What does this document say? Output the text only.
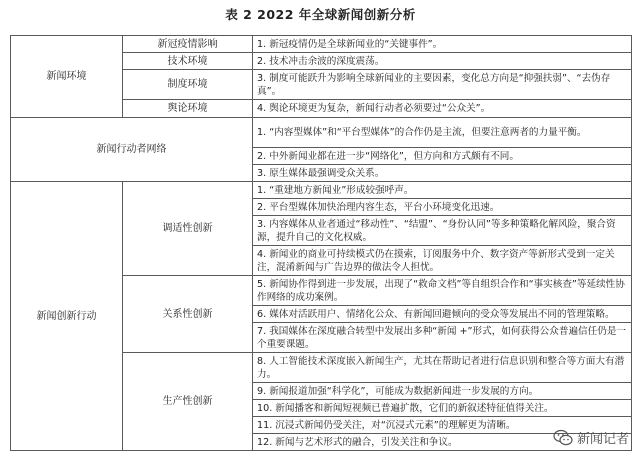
表 2 2022 年全球新闻创新分析
新闻环境	新冠疫情影响	1. 新冠疫情仍是全球新闻业的“关键事件”。
	技术环境	2. 技术冲击余波的深度震荡。
	制度环境	3. 制度可能跃升为影响全球新闻业的主要因素，变化总方向是“抑强扶弱”、“去伪存真”。
	舆论环境	4. 舆论环境更为复杂，新闻行动者必须要过“公众关”。

新闻行动者网络		1. “内容型媒体”和“平台型媒体”的合作仍是主流，但要注意两者的力量平衡。
		2. 中外新闻业都在进一步“网络化”，但方向和方式颇有不同。
		3. 原生媒体最强调受众关系。
新闻创新行动	调适性创新	1. “重建地方新闻业”形成较强呼声。
		2. 平台型媒体加快治理内容生态，平台小环境变化迅速。
		3. 内容媒体从业者通过“移动性”、“结盟”、“身份认同”等多种策略化解风险，聚合资源，提升自己的文化权威。
		4. 新闻业的商业可持续模式仍在摸索，订阅服务中介、数字资产等新形式受到一定关注，混淆新闻与广告边界的做法令人担忧。
	关系性创新	5. 新闻协作得到进一步发展，出现了“救命文档”等自组织合作和“事实核查”等延续性协作网络的成功案例。
		6. 媒体对活跃用户、情绪化公众、有新闻回避倾向的受众等发展出不同的管理策略。
		7. 我国媒体在深度融合转型中发展出多种“新闻 +”形式，如何获得公众普遍信任仍是一个重要课题。
	生产性创新	8. 人工智能技术深度嵌入新闻生产，尤其在帮助记者进行信息识别和整合等方面大有潜力。
		9. 新闻报道加强“科学化”，可能成为数据新闻进一步发展的方向。
		10. 新闻播客和新闻短视频已普遍扩散，它们的新叙述特征值得关注。
		11. 沉浸式新闻仍受关注，对“沉浸式元素”的理解更为清晰。
		12. 新闻与艺术形式的融合，引发关注和争议。	新闻记者
